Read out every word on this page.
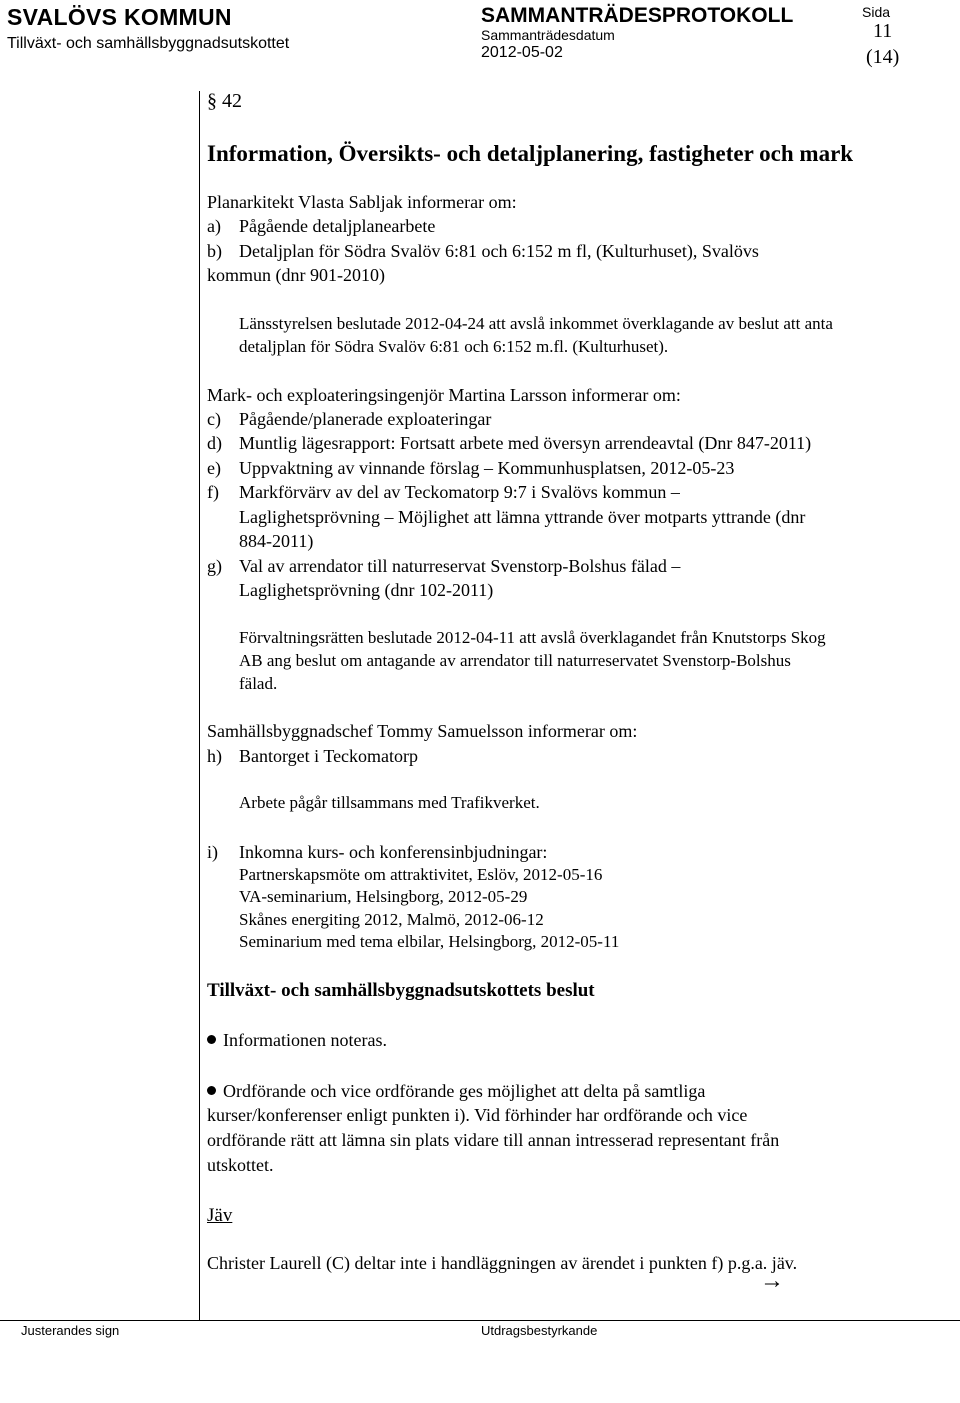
SVALÖVS KOMMUN
Tillväxt- och samhällsbyggnadsutskottet
SAMMANTRÄDESPROTOKOLL
Sammanträdesdatum
2012-05-02
Sida
11
(14)
§ 42
Information, Översikts- och detaljplanering, fastigheter och mark
Planarkitekt Vlasta Sabljak informerar om:
a) Pågående detaljplanearbete
b) Detaljplan för Södra Svalöv 6:81 och 6:152 m fl, (Kulturhuset), Svalövs
kommun (dnr 901-2010)
Länsstyrelsen beslutade 2012-04-24 att avslå inkommet överklagande av beslut att anta
detaljplan för Södra Svalöv 6:81 och 6:152 m.fl. (Kulturhuset).
Mark- och exploateringsingenjör Martina Larsson informerar om:
c) Pågående/planerade exploateringar
d) Muntlig lägesrapport: Fortsatt arbete med översyn arrendeavtal (Dnr 847-2011)
e) Uppvaktning av vinnande förslag – Kommunhusplatsen, 2012-05-23
f) Markförvärv av del av Teckomatorp 9:7 i Svalövs kommun –
Laglighetsprövning – Möjlighet att lämna yttrande över motparts yttrande (dnr
884-2011)
g) Val av arrendator till naturreservat Svenstorp-Bolshus fälad –
Laglighetsprövning (dnr 102-2011)
Förvaltningsrätten beslutade 2012-04-11 att avslå överklagandet från Knutstorps Skog
AB ang beslut om antagande av arrendator till naturreservatet Svenstorp-Bolshus
fälad.
Samhällsbyggnadschef Tommy Samuelsson informerar om:
h) Bantorget i Teckomatorp
Arbete pågår tillsammans med Trafikverket.
i) Inkomna kurs- och konferensinbjudningar:
Partnerskapsmöte om attraktivitet, Eslöv, 2012-05-16
VA-seminarium, Helsingborg, 2012-05-29
Skånes energiting 2012, Malmö, 2012-06-12
Seminarium med tema elbilar, Helsingborg, 2012-05-11
Tillväxt- och samhällsbyggnadsutskottets beslut
Informationen noteras.
Ordförande och vice ordförande ges möjlighet att delta på samtliga
kurser/konferenser enligt punkten i). Vid förhinder har ordförande och vice
ordförande rätt att lämna sin plats vidare till annan intresserad representant från
utskottet.
Jäv
Christer Laurell (C) deltar inte i handläggningen av ärendet i punkten f) p.g.a. jäv.
→
Justerandes sign	Utdragsbestyrkande
